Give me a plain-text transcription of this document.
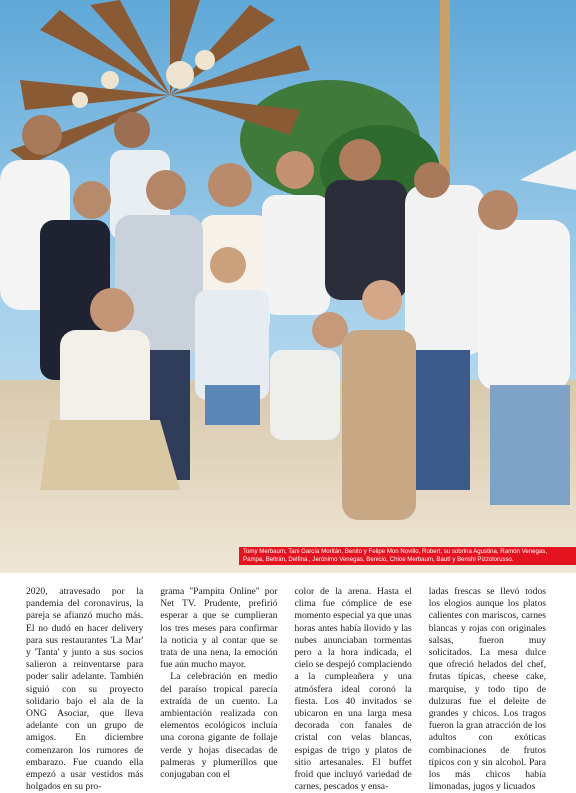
Tomy Merbaum, Tani García Moritán, Benito y Felipe Mon Novillo, Robert, su sobrina Agustina, Ramón Venegas,
Pampa, Beltrán, Delfina , Jerónimo Venegas, Benicio, Chloe Merbaum, Bautí y Benshi Pizzolorusso.

2020, atravesado por la pandemia del coronavirus, la pareja se afianzó mucho más. El no dudó en hacer delivery para sus restaurantes 'La Mar' y 'Tanta' y junto a sus socios salieron a reinventarse para poder salir adelante. También siguió con su proyecto solidario bajo el ala de la ONG Asociar, que lleva adelante con un grupo de amigos. En diciembre comenzaron los rumores de embarazo. Fue cuando ella empezó a usar vestidos más holgados en su pro-

grama "Pampita Online" por Net TV. Prudente, prefirió esperar a que se cumplieran los tres meses para confirmar la noticia y al contar que se trata de una nena, la emoción fue aún mucho mayor.

La celebración en medio del paraíso tropical parecía extraída de un cuento. La ambientación realizada con elementos ecológicos incluía una corona gigante de follaje verde y hojas disecadas de palmeras y plumerillos que conjugaban con el

color de la arena. Hasta el clima fue cómplice de ese momento especial ya que unas horas antes había llovido y las nubes anunciaban tormentas pero a la hora indicada, el cielo se despejó complaciendo a la cumpleañera y una atmósfera ideal coronó la fiesta. Los 40 invitados se ubicaron en una larga mesa decorada con fanales de cristal con velas blancas, espigas de trigo y platos de sitio artesanales. El buffet froid que incluyó variedad de carnes, pescados y ensa-

ladas frescas se llevó todos los elogios aunque los platos calientes con mariscos, carnes blancas y rojas con originales salsas, fueron muy solicitados. La mesa dulce que ofreció helados del chef, frutas típicas, cheese cake, marquise, y todo tipo de dulzuras fue el deleite de grandes y chicos. Los tragos fueron la gran atracción de los adultos con exóticas combinaciones de frutos típicos con y sin alcohol. Para los más chicos había limonadas, jugos y licuados
